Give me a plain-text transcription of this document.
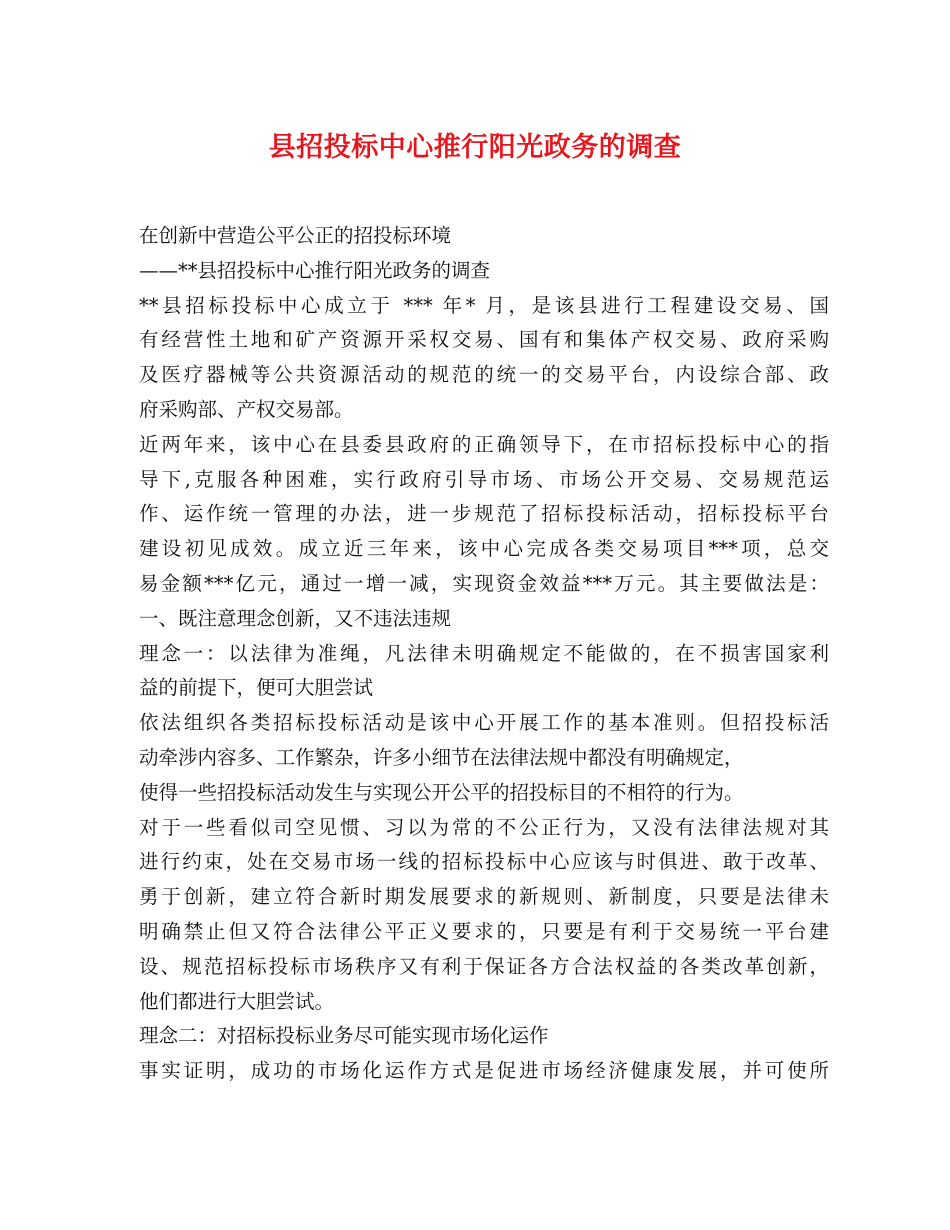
县招投标中心推行阳光政务的调查

在创新中营造公平公正的招投标环境

——**县招投标中心推行阳光政务的调查

**县招标投标中心成立于 *** 年* 月，是该县进行工程建设交易、国

有经营性土地和矿产资源开采权交易、国有和集体产权交易、政府采购

及医疗器械等公共资源活动的规范的统一的交易平台，内设综合部、政

府采购部、产权交易部。

近两年来，该中心在县委县政府的正确领导下，在市招标投标中心的指

导下,克服各种困难，实行政府引导市场、市场公开交易、交易规范运

作、运作统一管理的办法，进一步规范了招标投标活动，招标投标平台

建设初见成效。成立近三年来，该中心完成各类交易项目***项，总交

易金额***亿元，通过一增一减，实现资金效益***万元。其主要做法是：

一、既注意理念创新，又不违法违规

理念一：以法律为准绳，凡法律未明确规定不能做的，在不损害国家利

益的前提下，便可大胆尝试

依法组织各类招标投标活动是该中心开展工作的基本准则。但招投标活

动牵涉内容多、工作繁杂，许多小细节在法律法规中都没有明确规定，

使得一些招投标活动发生与实现公开公平的招投标目的不相符的行为。

对于一些看似司空见惯、习以为常的不公正行为，又没有法律法规对其

进行约束，处在交易市场一线的招标投标中心应该与时俱进、敢于改革、

勇于创新，建立符合新时期发展要求的新规则、新制度，只要是法律未

明确禁止但又符合法律公平正义要求的，只要是有利于交易统一平台建

设、规范招标投标市场秩序又有利于保证各方合法权益的各类改革创新，

他们都进行大胆尝试。

理念二：对招标投标业务尽可能实现市场化运作

事实证明，成功的市场化运作方式是促进市场经济健康发展，并可使所
